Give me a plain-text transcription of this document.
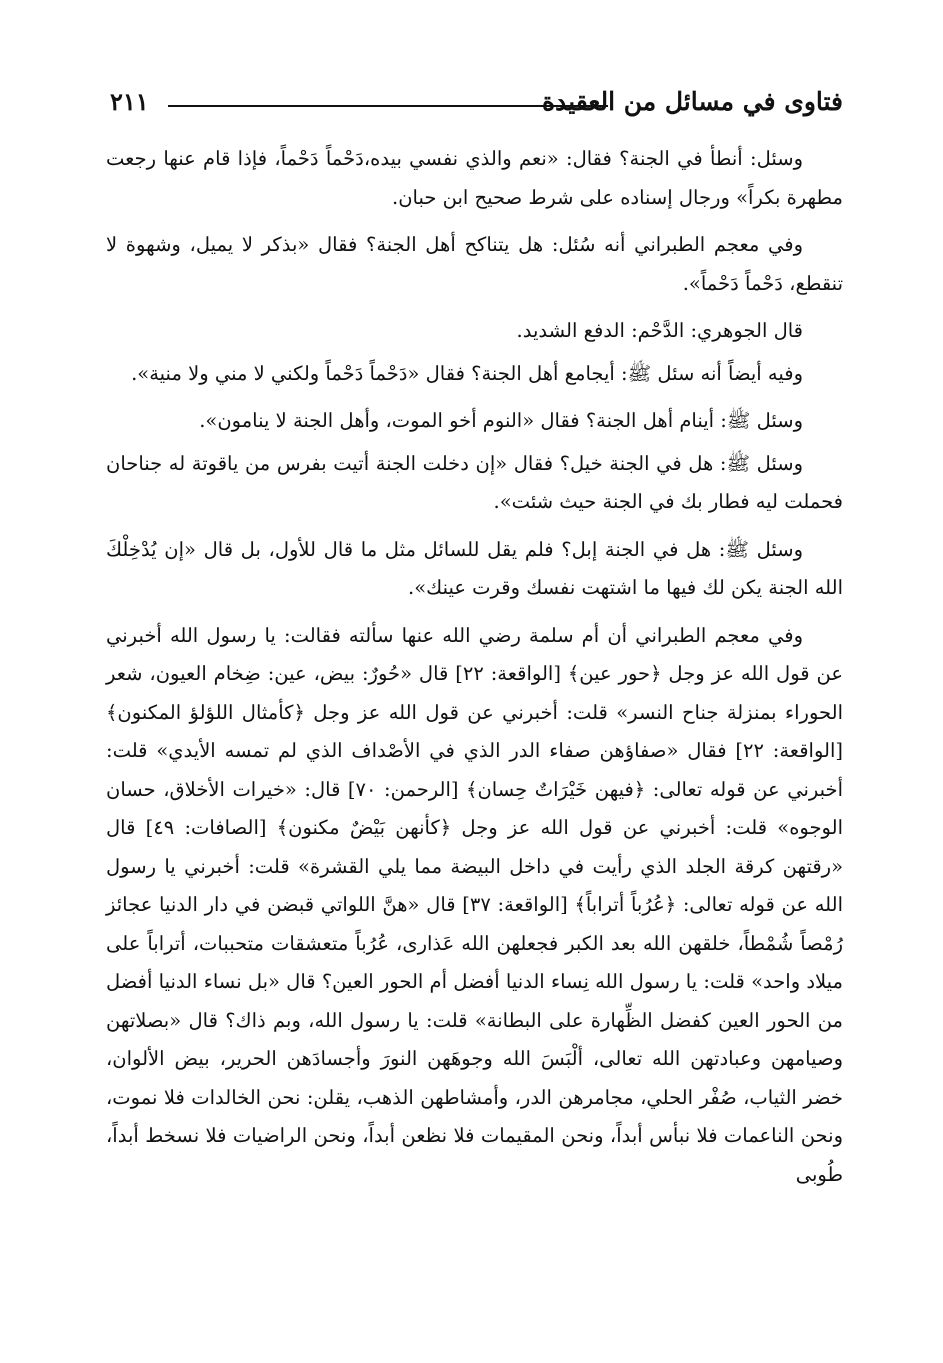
فتاوى في مسائل من العقيدة
٢١١

وسئل: أنطأ في الجنة؟ فقال: «نعم والذي نفسي بيده،دَحْماً دَحْماً، فإذا قام عنها رجعت مطهرة بكراً» ورجال إسناده على شرط صحيح ابن حبان.

وفي معجم الطبراني أنه سُئل: هل يتناكح أهل الجنة؟ فقال «بذكر لا يميل، وشهوة لا تنقطع، دَحْماً دَحْماً».

قال الجوهري: الدَّحْم: الدفع الشديد.

وفيه أيضاً أنه سئل ﷺ: أيجامع أهل الجنة؟ فقال «دَحْماً دَحْماً ولكني لا مني ولا منية».

وسئل ﷺ: أينام أهل الجنة؟ فقال «النوم أخو الموت، وأهل الجنة لا ينامون».

وسئل ﷺ: هل في الجنة خيل؟ فقال «إن دخلت الجنة أتيت بفرس من ياقوتة له جناحان فحملت ليه فطار بك في الجنة حيث شئت».

وسئل ﷺ: هل في الجنة إبل؟ فلم يقل للسائل مثل ما قال للأول، بل قال «إن يُدْخِلْكَ الله الجنة يكن لك فيها ما اشتهت نفسك وقرت عينك».

وفي معجم الطبراني أن أم سلمة رضي الله عنها سألته فقالت: يا رسول الله أخبرني عن قول الله عز وجل ﴿حور عين﴾ [الواقعة: ٢٢] قال «حُورٌ: بيض، عين: ضِخام العيون، شعر الحوراء بمنزلة جناح النسر» قلت: أخبرني عن قول الله عز وجل ﴿كأمثال اللؤلؤ المكنون﴾ [الواقعة: ٢٢] فقال «صفاؤهن صفاء الدر الذي في الأصْداف الذي لم تمسه الأيدي» قلت: أخبرني عن قوله تعالى: ﴿فيهن خَيْرَاتٌ حِسان﴾ [الرحمن: ٧٠] قال: «خيرات الأخلاق، حسان الوجوه» قلت: أخبرني عن قول الله عز وجل ﴿كأنهن بَيْضٌ مكنون﴾ [الصافات: ٤٩] قال «رقتهن كرقة الجلد الذي رأيت في داخل البيضة مما يلي القشرة» قلت: أخبرني يا رسول الله عن قوله تعالى: ﴿عُرُباً أتراباً﴾ [الواقعة: ٣٧] قال «هنَّ اللواتي قبضن في دار الدنيا عجائز رُمْصاً شُمْطاً، خلقهن الله بعد الكبر فجعلهن الله عَذارى، عُرُباً متعشقات متحببات، أتراباً على ميلاد واحد» قلت: يا رسول الله نِساء الدنيا أفضل أم الحور العين؟ قال «بل نساء الدنيا أفضل من الحور العين كفضل الظِّهارة على البطانة» قلت: يا رسول الله، وبم ذاك؟ قال «بصلاتهن وصيامهن وعبادتهن الله تعالى، ألْبَسَ الله وجوهَهن النورَ وأجسادَهن الحرير، بيض الألوان، خضر الثياب، صُفْر الحلي، مجامرهن الدر، وأمشاطهن الذهب، يقلن: نحن الخالدات فلا نموت، ونحن الناعمات فلا نبأس أبداً، ونحن المقيمات فلا نظعن أبداً، ونحن الراضيات فلا نسخط أبداً، طُوبى
